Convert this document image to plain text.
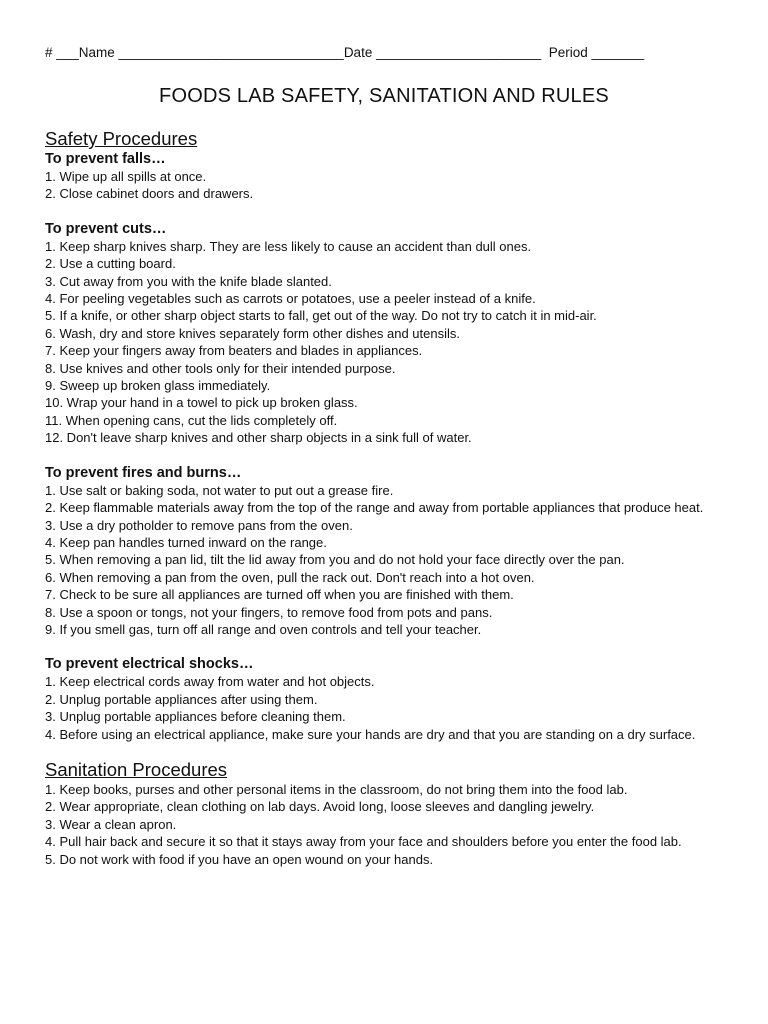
# ___Name ______________________________Date ______________________ Period _______
FOODS LAB SAFETY, SANITATION AND RULES
Safety Procedures
To prevent falls…
1. Wipe up all spills at once.
2. Close cabinet doors and drawers.
To prevent cuts…
1. Keep sharp knives sharp. They are less likely to cause an accident than dull ones.
2. Use a cutting board.
3. Cut away from you with the knife blade slanted.
4. For peeling vegetables such as carrots or potatoes, use a peeler instead of a knife.
5. If a knife, or other sharp object starts to fall, get out of the way. Do not try to catch it in mid-air.
6. Wash, dry and store knives separately form other dishes and utensils.
7. Keep your fingers away from beaters and blades in appliances.
8. Use knives and other tools only for their intended purpose.
9. Sweep up broken glass immediately.
10. Wrap your hand in a towel to pick up broken glass.
11. When opening cans, cut the lids completely off.
12. Don't leave sharp knives and other sharp objects in a sink full of water.
To prevent fires and burns…
1. Use salt or baking soda, not water to put out a grease fire.
2. Keep flammable materials away from the top of the range and away from portable appliances that produce heat.
3. Use a dry potholder to remove pans from the oven.
4. Keep pan handles turned inward on the range.
5. When removing a pan lid, tilt the lid away from you and do not hold your face directly over the pan.
6. When removing a pan from the oven, pull the rack out. Don't reach into a hot oven.
7. Check to be sure all appliances are turned off when you are finished with them.
8. Use a spoon or tongs, not your fingers, to remove food from pots and pans.
9. If you smell gas, turn off all range and oven controls and tell your teacher.
To prevent electrical shocks…
1. Keep electrical cords away from water and hot objects.
2. Unplug portable appliances after using them.
3. Unplug portable appliances before cleaning them.
4. Before using an electrical appliance, make sure your hands are dry and that you are standing on a dry surface.
Sanitation Procedures
1. Keep books, purses and other personal items in the classroom, do not bring them into the food lab.
2. Wear appropriate, clean clothing on lab days. Avoid long, loose sleeves and dangling jewelry.
3. Wear a clean apron.
4. Pull hair back and secure it so that it stays away from your face and shoulders before you enter the food lab.
5. Do not work with food if you have an open wound on your hands.
